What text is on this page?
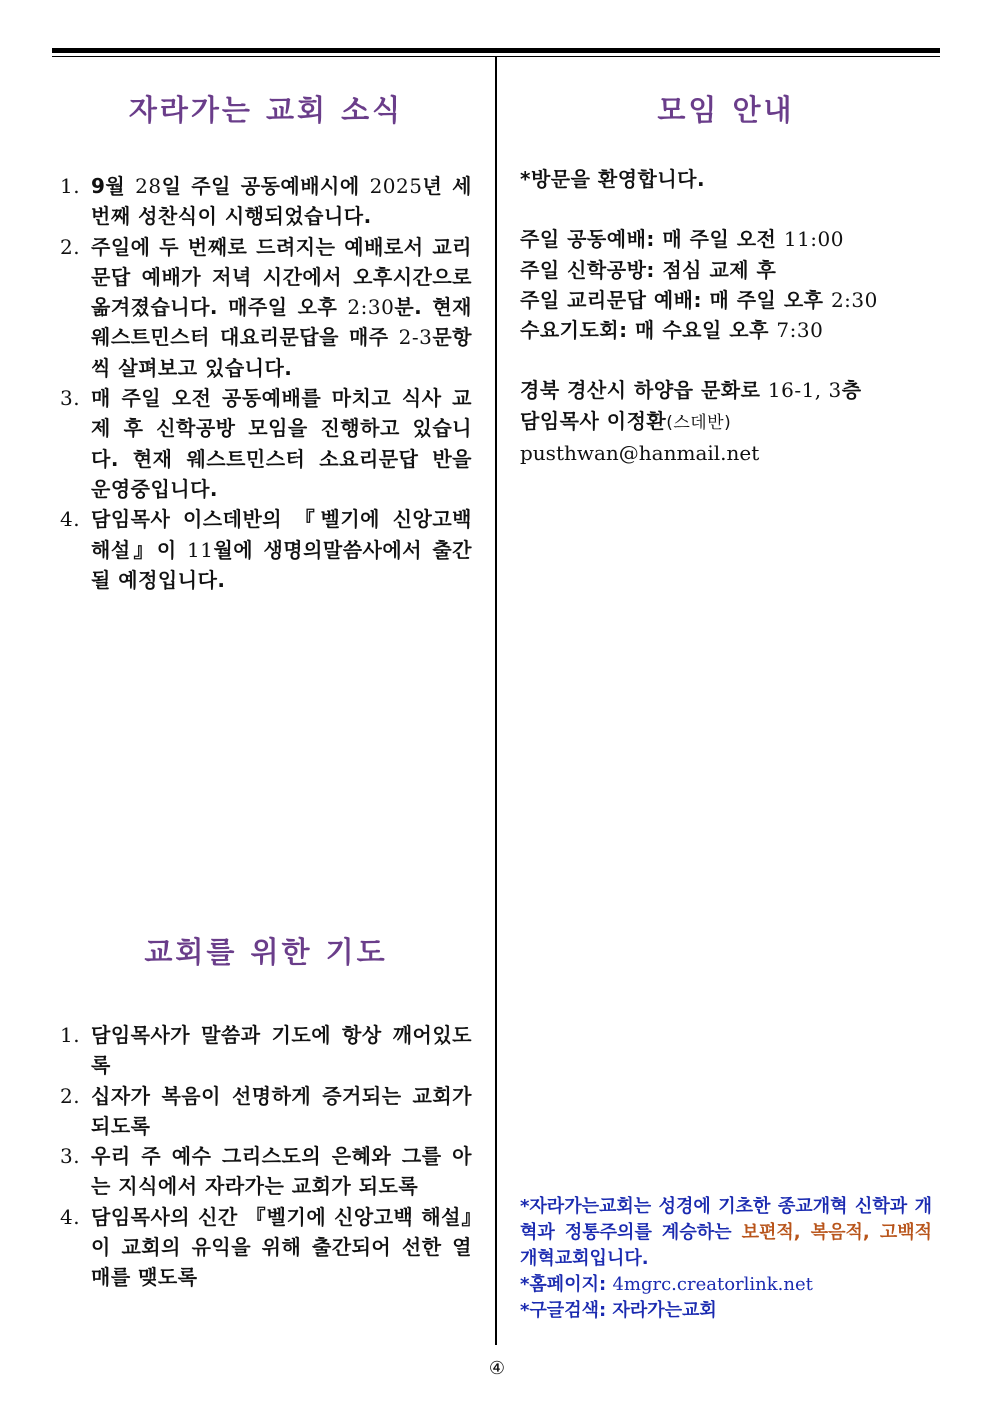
자라가는 교회 소식
1. 9월 28일 주일 공동예배시에 2025년 세 번째 성찬식이 시행되었습니다.
2. 주일에 두 번째로 드려지는 예배로서 교리문답 예배가 저녁 시간에서 오후시간으로 옮겨졌습니다. 매주일 오후 2:30분. 현재 웨스트민스터 대요리문답을 매주 2-3문항씩 살펴보고 있습니다.
3. 매 주일 오전 공동예배를 마치고 식사 교제 후 신학공방 모임을 진행하고 있습니다. 현재 웨스트민스터 소요리문답 반을 운영중입니다.
4. 담임목사 이스데반의 『벨기에 신앙고백 해설』이 11월에 생명의말씀사에서 출간될 예정입니다.
교회를 위한 기도
1. 담임목사가 말씀과 기도에 항상 깨어있도록
2. 십자가 복음이 선명하게 증거되는 교회가 되도록
3. 우리 주 예수 그리스도의 은혜와 그를 아는 지식에서 자라가는 교회가 되도록
4. 담임목사의 신간 『벨기에 신앙고백 해설』이 교회의 유익을 위해 출간되어 선한 열매를 맺도록
모임 안내
*방문을 환영합니다.
주일 공동예배: 매 주일 오전 11:00
주일 신학공방: 점심 교제 후
주일 교리문답 예배: 매 주일 오후 2:30
수요기도회: 매 수요일 오후 7:30
경북 경산시 하양읍 문화로 16-1, 3층
담임목사 이정환(스데반)
pusthwan@hanmail.net
*자라가는교회는 성경에 기초한 종교개혁 신학과 개혁과 정통주의를 계승하는 보편적, 복음적, 고백적 개혁교회입니다.
*홈페이지: 4mgrc.creatorlink.net
*구글검색: 자라가는교회
④
